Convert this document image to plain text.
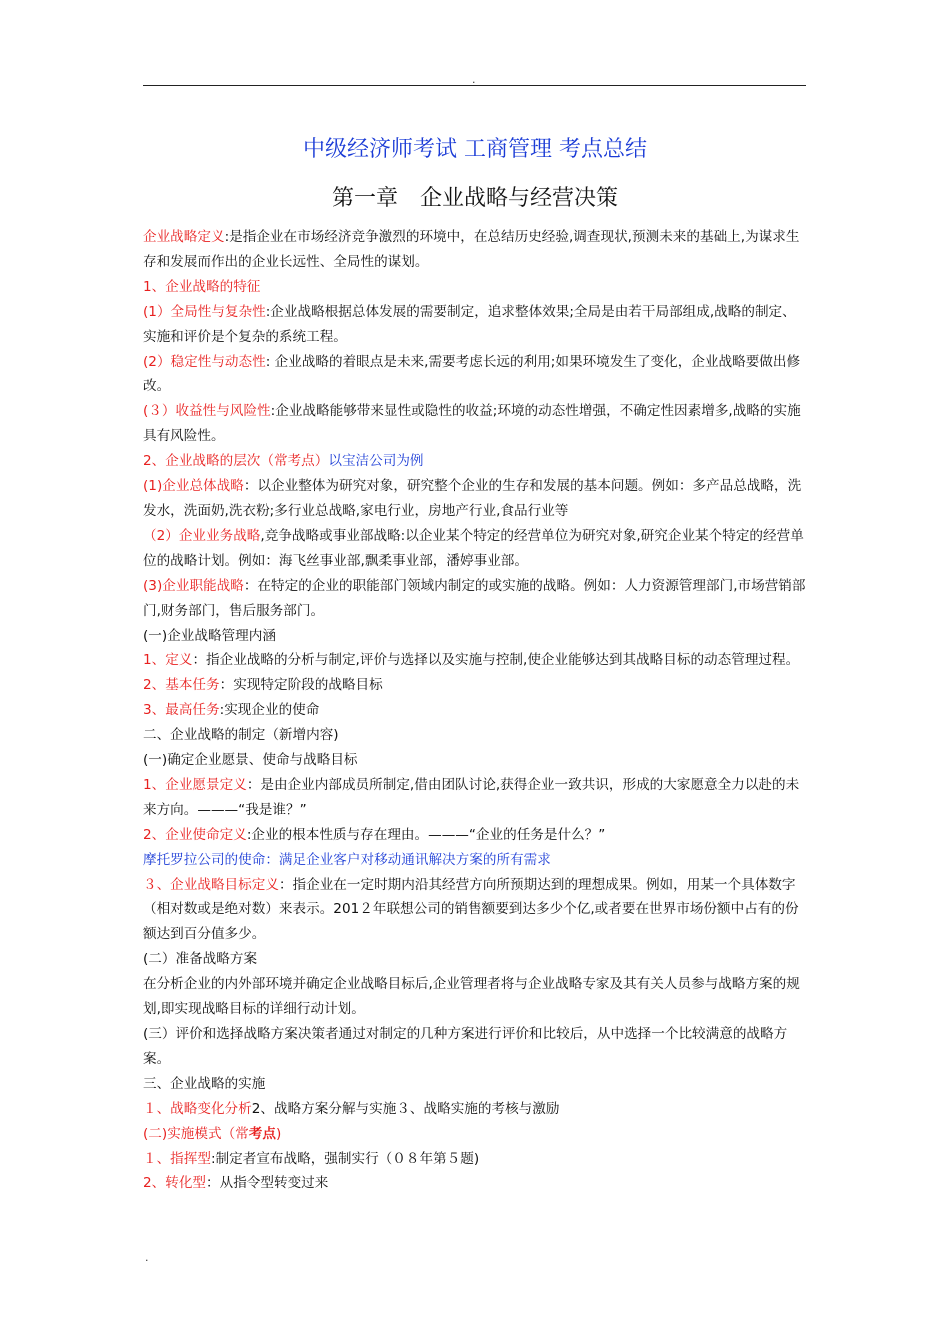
.
中级经济师考试 工商管理 考点总结
第一章　企业战略与经营决策

企业战略定义:是指企业在市场经济竞争激烈的环境中，在总结历史经验,调查现状,预测未来的基础上,为谋求生存和发展而作出的企业长远性、全局性的谋划。

1、企业战略的特征

(1）全局性与复杂性:企业战略根据总体发展的需要制定，追求整体效果;全局是由若干局部组成,战略的制定、实施和评价是个复杂的系统工程。

(2）稳定性与动态性: 企业战略的着眼点是未来,需要考虑长远的利用;如果环境发生了变化，企业战略要做出修改。

(３）收益性与风险性:企业战略能够带来显性或隐性的收益;环境的动态性增强，不确定性因素增多,战略的实施具有风险性。

2、企业战略的层次（常考点）以宝洁公司为例

(1)企业总体战略：以企业整体为研究对象，研究整个企业的生存和发展的基本问题。例如：多产品总战略，洗发水，洗面奶,洗衣粉;多行业总战略,家电行业，房地产行业,食品行业等

（2）企业业务战略,竞争战略或事业部战略:以企业某个特定的经营单位为研究对象,研究企业某个特定的经营单位的战略计划。例如：海飞丝事业部,飘柔事业部，潘婷事业部。

(3)企业职能战略：在特定的企业的职能部门领域内制定的或实施的战略。例如：人力资源管理部门,市场营销部门,财务部门，售后服务部门。

(一)企业战略管理内涵

1、定义：指企业战略的分析与制定,评价与选择以及实施与控制,使企业能够达到其战略目标的动态管理过程。

2、基本任务：实现特定阶段的战略目标

3、最高任务:实现企业的使命

二、企业战略的制定（新增内容)

(一)确定企业愿景、使命与战略目标

1、企业愿景定义：是由企业内部成员所制定,借由团队讨论,获得企业一致共识，形成的大家愿意全力以赴的未来方向。———“我是谁？”

2、企业使命定义:企业的根本性质与存在理由。———“企业的任务是什么？”

摩托罗拉公司的使命：满足企业客户对移动通讯解决方案的所有需求

３、企业战略目标定义：指企业在一定时期内沿其经营方向所预期达到的理想成果。例如，用某一个具体数字（相对数或是绝对数）来表示。201２年联想公司的销售额要到达多少个亿,或者要在世界市场份额中占有的份额达到百分值多少。

(二）准备战略方案

在分析企业的内外部环境并确定企业战略目标后,企业管理者将与企业战略专家及其有关人员参与战略方案的规划,即实现战略目标的详细行动计划。

(三）评价和选择战略方案决策者通过对制定的几种方案进行评价和比较后，从中选择一个比较满意的战略方案。

三、企业战略的实施

１、战略变化分析2、战略方案分解与实施３、战略实施的考核与激励

(二)实施模式（常考点)

１、指挥型:制定者宣布战略，强制实行（０８年第５题)

2、转化型：从指令型转变过来

.
